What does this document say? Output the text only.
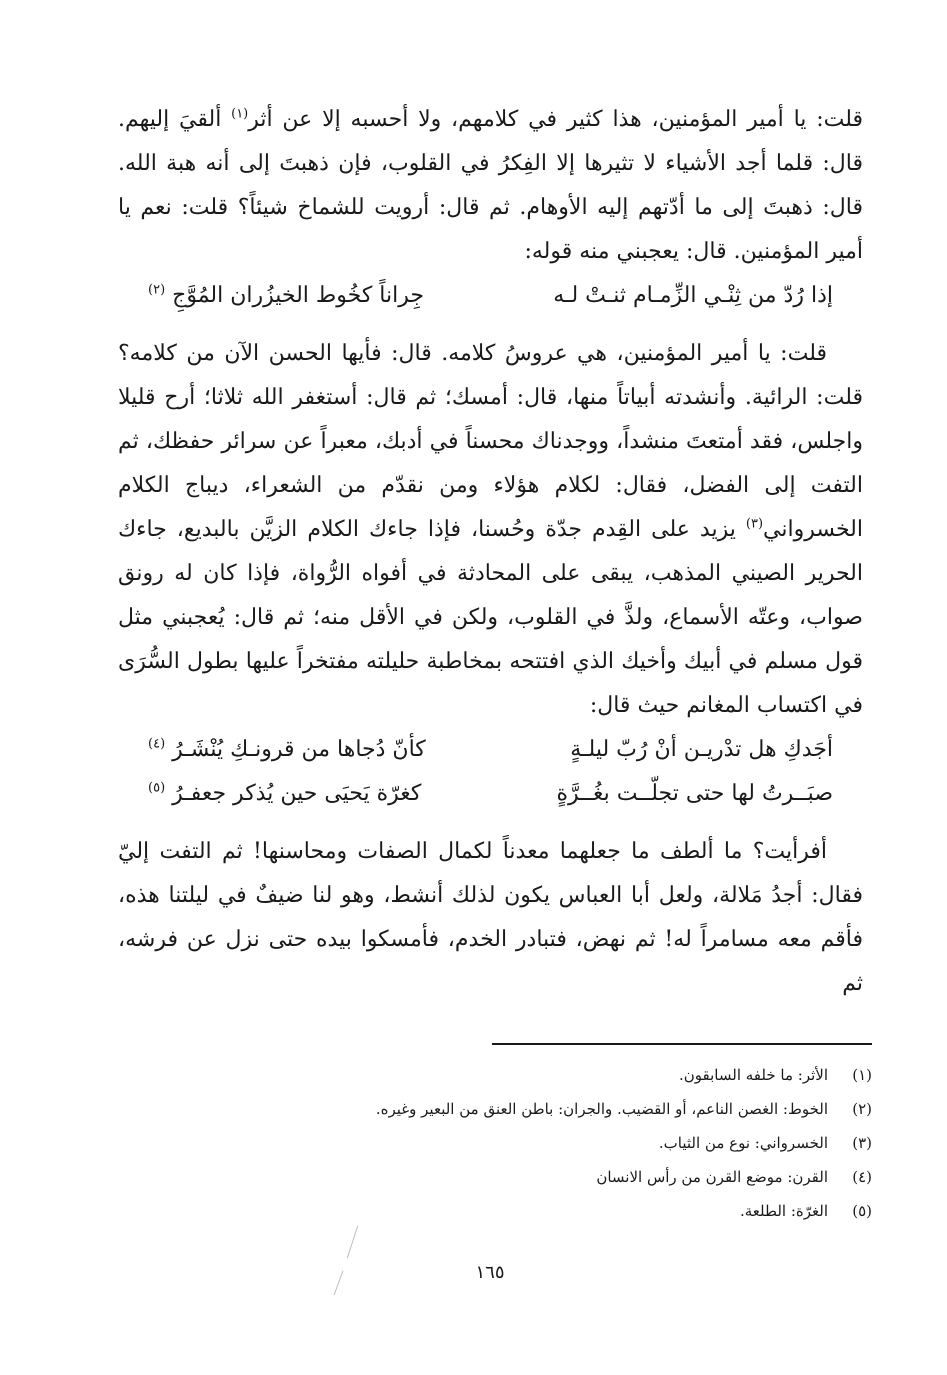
قلت: يا أمير المؤمنين، هذا كثير في كلامهم، ولا أحسبه إلا عن أثر$^{(١)}$ ألقيَ إليهم. قال: قلما أجد الأشياء لا تثيرها إلا الفِكرُ في القلوب، فإن ذهبتَ إلى أنه هبة الله. قال: ذهبتَ إلى ما أدّتهم إليه الأوهام. ثم قال: أرويت للشماخ شيئاً؟ قلت: نعم يا أمير المؤمنين. قال: يعجبني منه قوله:

إذا رُدّ من ثِنْـي الزِّمـام ثنـتْ لـه
جِراناً كخُوط الخيزُران المُوَّجِ $^{(٢)}$

قلت: يا أمير المؤمنين، هي عروسُ كلامه. قال: فأيها الحسن الآن من كلامه؟ قلت: الرائية. وأنشدته أبياتاً منها، قال: أمسك؛ ثم قال: أستغفر الله ثلاثا؛ أرح قليلا واجلس، فقد أمتعتَ منشداً، ووجدناك محسناً في أدبك، معبراً عن سرائر حفظك، ثم التفت إلى الفضل، فقال: لكلام هؤلاء ومن نقدّم من الشعراء، ديباج الكلام الخسرواني$^{(٣)}$ يزيد على القِدم جدّة وحُسنا، فإذا جاءك الكلام الزيَّن بالبديع، جاءك الحرير الصيني المذهب، يبقى على المحادثة في أفواه الرُّواة، فإذا كان له رونق صواب، وعتّه الأسماع، ولذَّ في القلوب، ولكن في الأقل منه؛ ثم قال: يُعجبني مثل قول مسلم في أبيك وأخيك الذي افتتحه بمخاطبة حليلته مفتخراً عليها بطول السُّرَى في اكتساب المغانم حيث قال:

أجَدكِ هل تدْريـن أنْ رُبّ ليلـةٍ
كأنّ دُجاها من قرونـكِ يُنْشَـرُ $^{(٤)}$
صبَــرتُ لها حتى تجلّــت بغُــرَّةٍ
كغرّة يَحيَى حين يُذكر جعفـرُ $^{(٥)}$

أفرأيت؟ ما ألطف ما جعلهما معدناً لكمال الصفات ومحاسنها! ثم التفت إليّ فقال: أجدُ مَلالة، ولعل أبا العباس يكون لذلك أنشط، وهو لنا ضيفٌ في ليلتنا هذه، فأقم معه مسامراً له! ثم نهض، فتبادر الخدم، فأمسكوا بيده حتى نزل عن فرشه، ثم

(١)
الأثر: ما خلفه السابقون.
(٢)
الخوط: الغصن الناعم، أو القضيب. والجران: باطن العنق من البعير وغيره.
(٣)
الخسرواني: نوع من الثياب.
(٤)
القرن: موضع القرن من رأس الانسان
(٥)
الغرّة: الطلعة.
١٦٥
